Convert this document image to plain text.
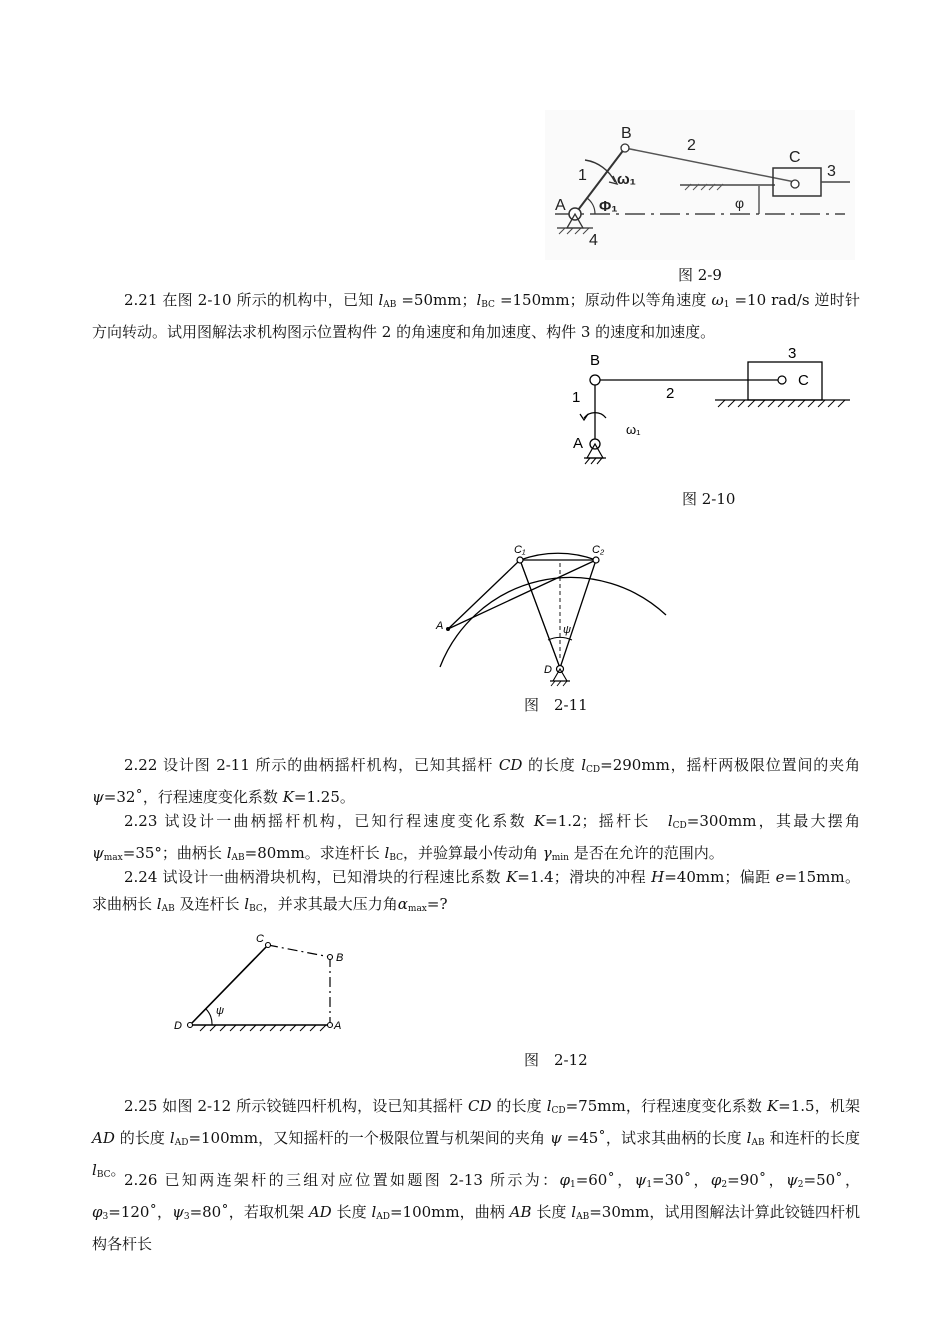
A
B
C
1
2
3
4
ω₁
Φ₁	φ
图 2-9
2.21 在图 2-10 所示的机构中，已知 $l_{AB} =50mm$；$l_{BC} =150mm$；原动件以等角速度 $\omega_1 =10$ rad/s 逆时针方向转动。试用图解法求机构图示位置构件 2 的角速度和角加速度、构件 3 的速度和加速度。
B
C
3
2
1
A
ω₁
图 2-10
A
C₁	C₂
D
ψ
图　2-11
2.22 设计图 2-11 所示的曲柄摇杆机构，已知其摇杆 CD 的长度 $l_{CD}=290mm$，摇杆两极限位置间的夹角 ψ=32˚，行程速度变化系数 K=1.25。
2.23 试设计一曲柄摇杆机构，已知行程速度变化系数 K=1.2；摇杆长　$l_{CD}=300mm$，其最大摆角 $\psi_{max}=35^\circ$；曲柄长 $l_{AB}=80mm$。求连杆长 $l_{BC}$，并验算最小传动角 $\gamma_{min}$ 是否在允许的范围内。
2.24 试设计一曲柄滑块机构，已知滑块的行程速比系数 K=1.4；滑块的冲程 H=40mm；偏距 e=15mm。求曲柄长 $l_{AB}$ 及连杆长 $l_{BC}$，并求其最大压力角$\alpha_{max}=$?
D
C
B
A
ψ
图　2-12
2.25 如图 2-12 所示铰链四杆机构，设已知其摇杆 CD 的长度 $l_{CD}=75mm$，行程速度变化系数 K=1.5，机架 AD 的长度 $l_{AD}=100mm$，又知摇杆的一个极限位置与机架间的夹角 ψ =45˚，试求其曲柄的长度 $l_{AB}$ 和连杆的长度 $l_{BC}$。
2.26 已知两连架杆的三组对应位置如题图 2-13 所示为：$\varphi_1=60˚$，$\psi_1=30˚$，$\varphi_2=90˚$，$\psi_2=50˚$，$\varphi_3=120˚$，$\psi_3=80˚$，若取机架 AD 长度 $l_{AD}=100mm$，曲柄 AB 长度 $l_{AB}=30mm$，试用图解法计算此铰链四杆机构各杆长
